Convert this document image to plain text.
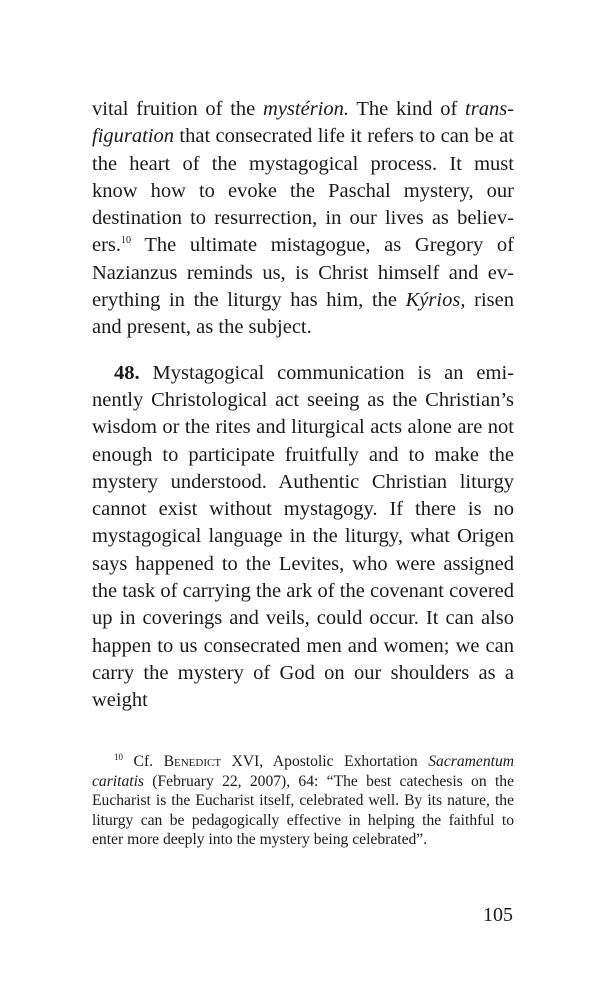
vital fruition of the mystérion. The kind of transfiguration that consecrated life it refers to can be at the heart of the mystagogical process. It must know how to evoke the Paschal mystery, our destination to resurrection, in our lives as believers.$^{10}$ The ultimate mistagogue, as Gregory of Nazianzus reminds us, is Christ himself and everything in the liturgy has him, the Kýrios, risen and present, as the subject.

48. Mystagogical communication is an eminently Christological act seeing as the Christian’s wisdom or the rites and liturgical acts alone are not enough to participate fruitfully and to make the mystery understood. Authentic Christian liturgy cannot exist without mystagogy. If there is no mystagogical language in the liturgy, what Origen says happened to the Levites, who were assigned the task of carrying the ark of the covenant covered up in coverings and veils, could occur. It can also happen to us consecrated men and women; we can carry the mystery of God on our shoulders as a weight

$^{10}$ Cf. Benedict XVI, Apostolic Exhortation Sacramentum caritatis (February 22, 2007), 64: “The best catechesis on the Eucharist is the Eucharist itself, celebrated well. By its nature, the liturgy can be pedagogically effective in helping the faithful to enter more deeply into the mystery being celebrated”.

105
